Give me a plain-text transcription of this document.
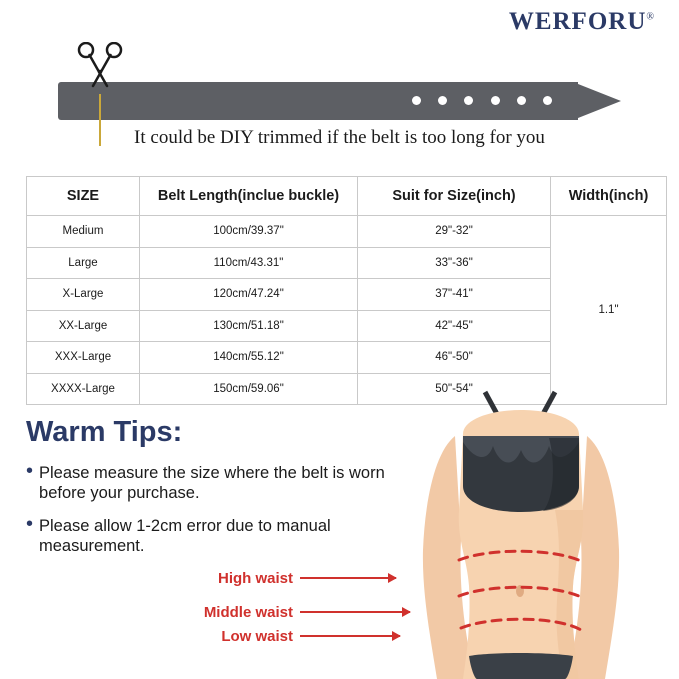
WERFORU®
It could be DIY trimmed if the belt is too long for you
SIZE	Belt Length(inclue buckle)	Suit for Size(inch)	Width(inch)
Medium	100cm/39.37"	29"-32"	1.1"
Large	110cm/43.31"	33"-36"	
X-Large	120cm/47.24"	37"-41"	
XX-Large	130cm/51.18"	42"-45"	
XXX-Large	140cm/55.12"	46"-50"	
XXXX-Large	150cm/59.06"	50"-54"	
Warm Tips:
• Please measure the size where the belt is worn before your purchase.
• Please allow 1-2cm error due to manual measurement.
High waist
Middle waist
Low waist
